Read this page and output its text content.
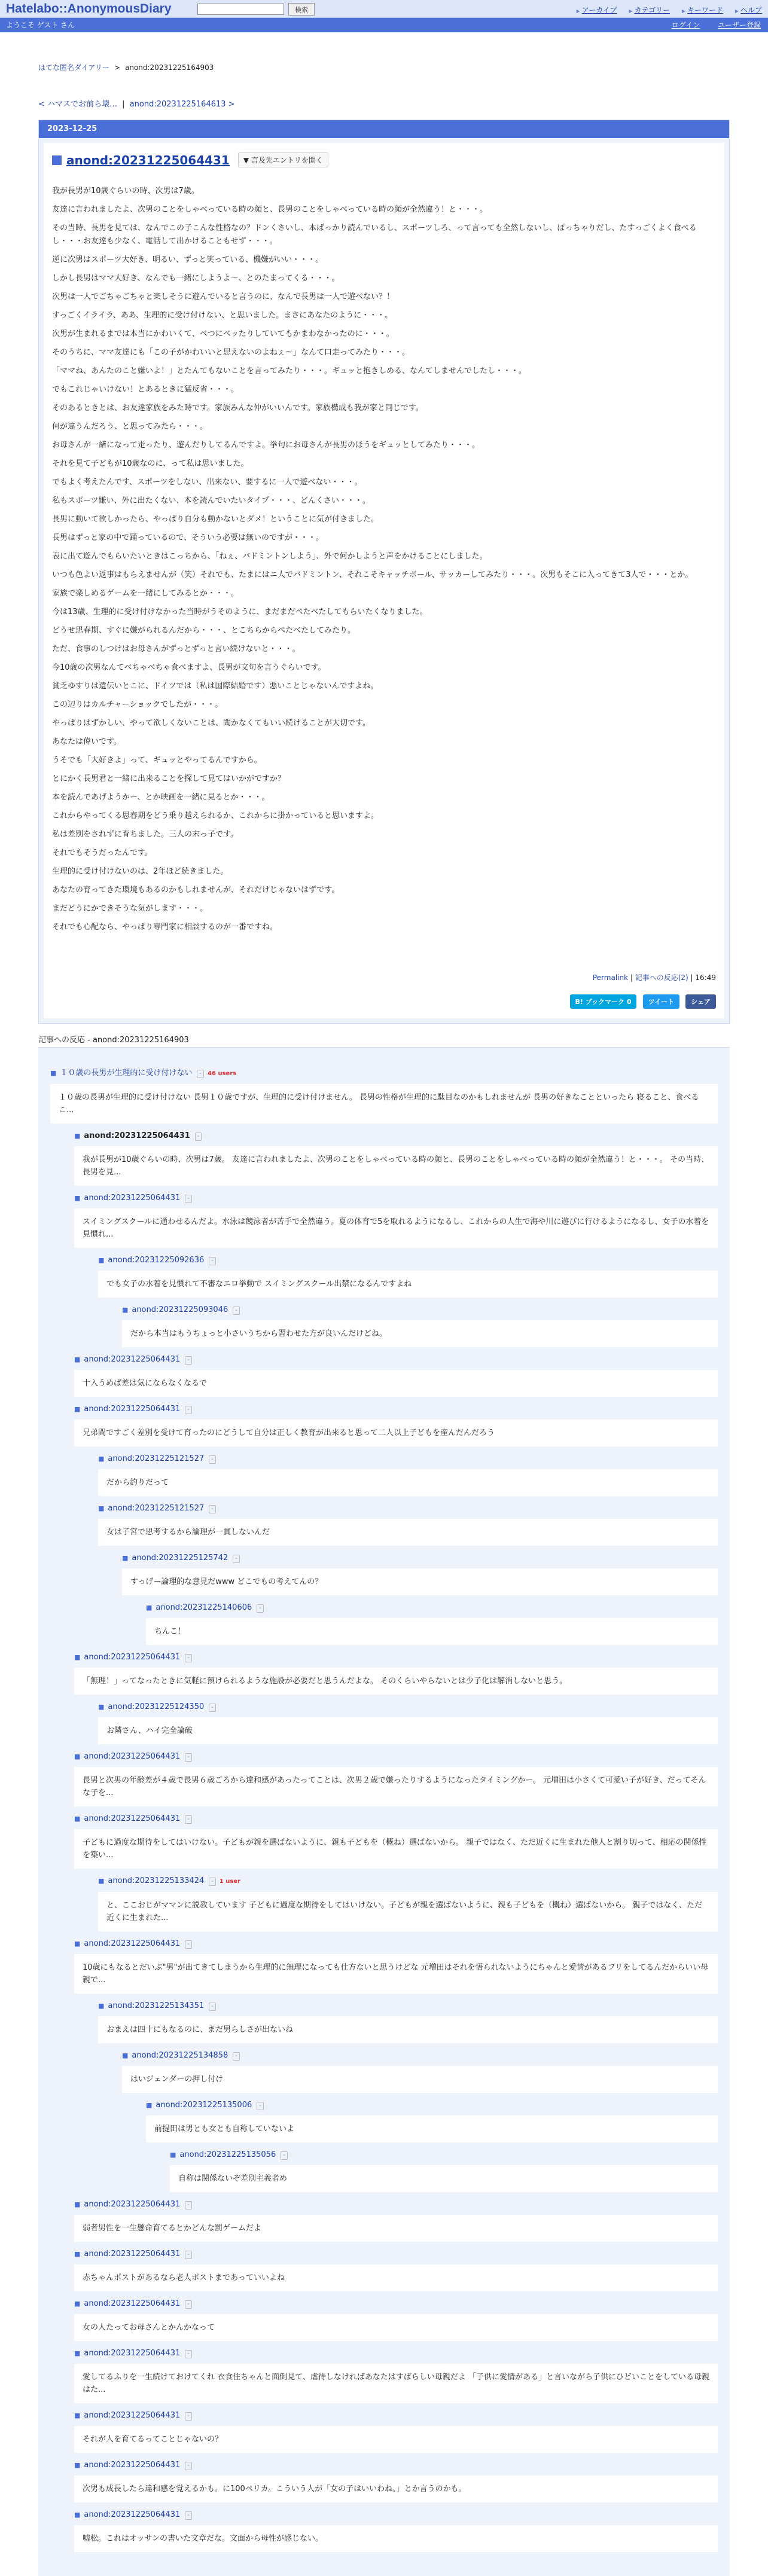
Hatelabo::AnonymousDiary	検索	▶ アーカイブ ▶ カテゴリー ▶ キーワード ▶ ヘルプ
ようこそ ゲスト さん	ログイン ユーザー登録
はてな匿名ダイアリー > anond:20231225164903
< ハマスでお前ら壊… | anond:20231225164613 >
2023-12-25
anond:20231225064431	▼ 言及先エントリを開く

我が長男が10歳ぐらいの時、次男は7歳。

友達に言われましたよ、次男のことをしゃべっている時の顔と、長男のことをしゃべっている時の顔が全然違う！と・・・。

その当時、長男を見ては、なんでこの子こんな性格なの？ドンくさいし、本ばっかり読んでいるし、スポーツしろ、って言っても全然しないし、ぽっちゃりだし、たすっごくよく食べるし・・・お友達も少なく、電話して出かけることもせず・・・。

逆に次男はスポーツ大好き、明るい、ずっと笑っている、機嫌がいい・・・。

しかし長男はママ大好き、なんでも一緒にしようよ～、とのたまってくる・・・。

次男は一人でごちゃごちゃと楽しそうに遊んでいると言うのに、なんで長男は一人で遊べない？！

すっごくイライラ、ああ、生理的に受け付けない、と思いました。まさにあなたのように・・・。

次男が生まれるまでは本当にかわいくて、べつにベッたりしていてもかまわなかったのに・・・。

そのうちに、ママ友達にも「この子がかわいいと思えないのよねぇ～」なんて口走ってみたり・・・。

「ママね、あんたのこと嫌いよ！」とたんてもないことを言ってみたり・・・。ギュッと抱きしめる、なんてしませんでしたし・・・。

でもこれじゃいけない！とあるときに猛反省・・・。

そのあるときとは、お友達家族をみた時です。家族みんな仲がいいんです。家族構成も我が家と同じです。

何が違うんだろう、と思ってみたら・・・。

お母さんが一緒になって走ったり、遊んだりしてるんですよ。挙句にお母さんが長男のほうをギュッとしてみたり・・・。

それを見て子どもが10歳なのに、って私は思いました。

でもよく考えたんです、スポーツをしない、出来ない、要するに一人で遊べない・・・。

私もスポーツ嫌い、外に出たくない、本を読んでいたいタイプ・・・、どんくさい・・・。

長男に動いて欲しかったら、やっぱり自分も動かないとダメ！ということに気が付きました。

長男はずっと家の中で踊っているので、そういう必要は無いのですが・・・。

表に出て遊んでもらいたいときはこっちから、「ねぇ、バドミントンしよう」、外で何かしようと声をかけることにしました。

いつも色よい返事はもらえませんが（笑）それでも、たまにはニ人でバドミントン、それこそキャッチボール、サッカーしてみたり・・・。次男もそこに入ってきて3人で・・・とか。

家族で楽しめるゲームを一緒にしてみるとか・・・。

今は13歳、生理的に受け付けなかった当時がうそのように、まだまだベたべたしてもらいたくなりました。

どうせ思春期、すぐに嫌がられるんだから・・・、とこちらからベたべたしてみたり。

ただ、食事のしつけはお母さんがずっとずっと言い続けないと・・・。

今10歳の次男なんてベちゃベちゃ食べますよ、長男が文句を言うぐらいです。

貧乏ゆすりは遺伝いとこに、ドイツでは（私は国際結婚です）悪いことじゃないんですよね。

この辺りはカルチャーショックでしたが・・・。

やっぱりはずかしい、やって欲しくないことは、聞かなくてもいい続けることが大切です。

あなたは偉いです。

うそでも「大好きよ」って、ギュッとやってるんですから。

とにかく長男君と一緒に出来ることを探して見てはいかがですか？

本を読んであげようかー、とか映画を一緒に見るとか・・・。

これからやってくる思春期をどう乗り越えられるか、これからに掛かっていると思いますよ。

私は差別をされずに育ちました。三人の末っ子です。

それでもそうだったんです。

生理的に受け付けないのは、2年ほど続きました。

あなたの育ってきた環境もあるのかもしれませんが、それだけじゃないはずです。

まだどうにかできそうな気がします・・・。

それでも心配なら、やっぱり専門家に相談するのが一番ですね。

Permalink | 記事への反応(2) | 16:49
B! ブックマーク 0	ツイート	シェア
記事への反応 - anond:20231225164903
■ １０歳の長男が生理的に受け付けない - 46 users
１０歳の長男が生理的に受け付けない 長男１０歳ですが、生理的に受け付けません。 長男の性格が生理的に駄目なのかもしれませんが 長男の好きなことといったら 寝ること、食べるこ...
■ anond:20231225064431 -
我が長男が10歳ぐらいの時、次男は7歳。 友達に言われましたよ、次男のことをしゃべっている時の顔と、長男のことをしゃべっている時の顔が全然違う！と・・・。 その当時、長男を見...
■ anond:20231225064431 -
スイミングスクールに通わせるんだよ。水泳は競泳者が苦手で全然違う。夏の体育で5を取れるようになるし、これからの人生で海や川に遊びに行けるようになるし、女子の水着を見慣れ...
■ anond:20231225092636 -
でも女子の水着を見慣れて不審なエロ挙動で スイミングスクール出禁になるんですよね
■ anond:20231225093046 -
だから本当はもうちょっと小さいうちから習わせた方が良いんだけどね。
■ anond:20231225064431 -
十入うめば差は気にならなくなるで
■ anond:20231225064431 -
兄弟間ですごく差別を受けて育ったのにどうして自分は正しく教育が出来ると思って二人以上子どもを産んだんだろう
■ anond:20231225121527 -
だから釣りだって
■ anond:20231225121527 -
女は子宮で思考するから論理が一貫しないんだ
■ anond:20231225125742 -
すっげー論理的な意見だwww どこでもの考えてんの？
■ anond:20231225140606 -
ちんこ！
■ anond:20231225064431 -
「無理！」ってなったときに気軽に預けられるような施設が必要だと思うんだよな。 そのくらいやらないとは少子化は解消しないと思う。
■ anond:20231225124350 -
お隣さん、ハイ完全論破
■ anond:20231225064431 -
長男と次男の年齢差が４歳で長男６歳ごろから違和感があったってことは、次男２歳で嫌ったりするようになったタイミングかー。 元増田は小さくて可愛い子が好き、だってそんな子を...
■ anond:20231225064431 -
子どもに過度な期待をしてはいけない。子どもが親を選ばないように、親も子どもを（概ね）選ばないから。 親子ではなく、ただ近くに生まれた他人と割り切って、相応の関係性を築い...
■ anond:20231225133424 - 1 user
と、ここおじがママンに説教しています 子どもに過度な期待をしてはいけない。子どもが親を選ばないように、親も子どもを（概ね）選ばないから。 親子ではなく、ただ近くに生まれた...
■ anond:20231225064431 -
10歳にもなるとだいぶ"男"が出てきてしまうから生理的に無理になっても仕方ないと思うけどな 元増田はそれを悟られないようにちゃんと愛情があるフリをしてるんだからいい母親で...
■ anond:20231225134351 -
おまえは四十にもなるのに、まだ男らしさが出ないね
■ anond:20231225134858 -
はいジェンダーの押し付け
■ anond:20231225135006 -
前提田は男とも女とも自称していないよ
■ anond:20231225135056 -
自称は関係ないぞ差別主義者め
■ anond:20231225064431 -
弱者男性を一生懸命育てるとかどんな罰ゲームだよ
■ anond:20231225064431 -
赤ちゃんポストがあるなら老人ポストまであっていいよね
■ anond:20231225064431 -
女の人たってお母さんとかんかなって
■ anond:20231225064431 -
愛してるふりを一生続けておけてくれ 衣食住ちゃんと面倒見て、虐待しなければあなたはすばらしい母親だよ 「子供に愛情がある」と言いながら子供にひどいことをしている母親はた...
■ anond:20231225064431 -
それが人を育てるってことじゃないの？
■ anond:20231225064431 -
次男も成長したら違和感を覚えるかも。に100ペリカ。こういう人が「女の子はいいわね。」とか言うのかも。
■ anond:20231225064431 -
嘘松。これはオッサンの書いた文章だな。文面から母性が感じない。
